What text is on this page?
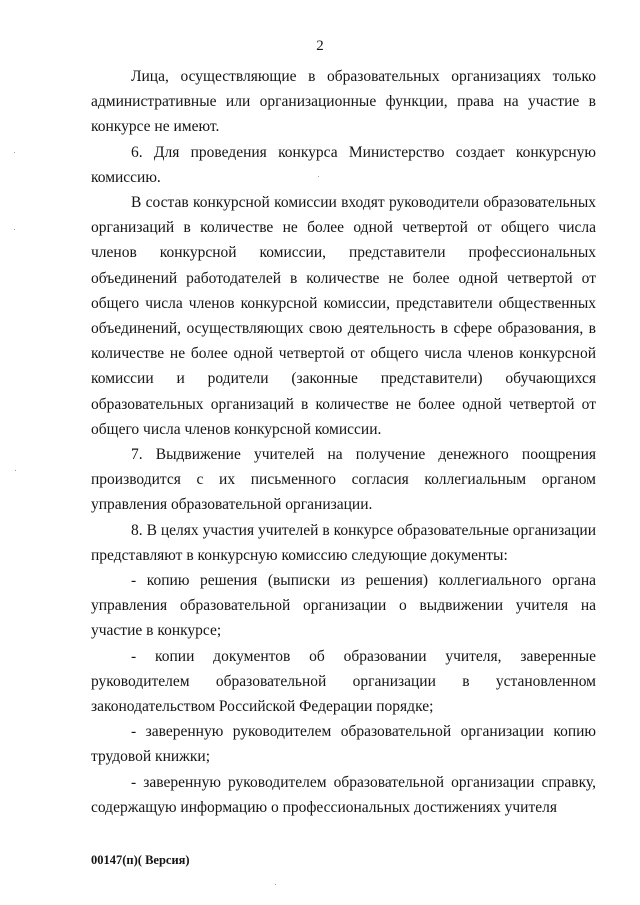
2

Лица, осуществляющие в образовательных организациях только административные или организационные функции, права на участие в конкурсе не имеют.

6. Для проведения конкурса Министерство создает конкурсную комиссию.

В состав конкурсной комиссии входят руководители образовательных организаций в количестве не более одной четвертой от общего числа членов конкурсной комиссии, представители профессиональных объединений работодателей в количестве не более одной четвертой от общего числа членов конкурсной комиссии, представители общественных объединений, осуществляющих свою деятельность в сфере образования, в количестве не более одной четвертой от общего числа членов конкурсной комиссии и родители (законные представители) обучающихся образовательных организаций в количестве не более одной четвертой от общего числа членов конкурсной комиссии.

7. Выдвижение учителей на получение денежного поощрения производится с их письменного согласия коллегиальным органом управления образовательной организации.

8. В целях участия учителей в конкурсе образовательные организации представляют в конкурсную комиссию следующие документы:

- копию решения (выписки из решения) коллегиального органа управления образовательной организации о выдвижении учителя на участие в конкурсе;

- копии документов об образовании учителя, заверенные руководителем образовательной организации в установленном законодательством Российской Федерации порядке;

- заверенную руководителем образовательной организации копию трудовой книжки;

- заверенную руководителем образовательной организации справку, содержащую информацию о профессиональных достижениях учителя

00147(п)( Версия)
